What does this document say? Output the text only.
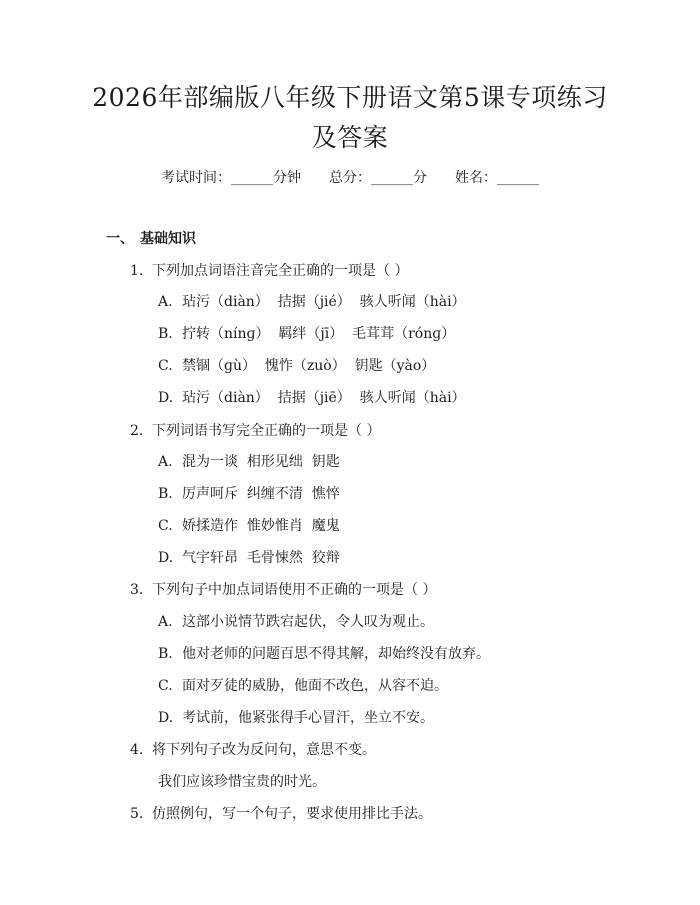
2026年部编版八年级下册语文第5课专项练习及答案
考试时间：______分钟 总分：______分 姓名：______
一、 基础知识
1. 下列加点词语注音完全正确的一项是（ ）
A. 玷污（diàn）  拮据（jié）  骇人听闻（hài）
B. 拧转（nínɡ）  羁绊（jī）  毛茸茸（rónɡ）
C. 禁锢（ɡù）  愧怍（zuò）  钥匙（yào）
D. 玷污（diàn）  拮据（jiē）  骇人听闻（hài）
2. 下列词语书写完全正确的一项是（ ）
A. 混为一谈  相形见绌  钥匙
B. 厉声呵斥  纠缠不清  憔悴
C. 娇揉造作  惟妙惟肖  魔鬼
D. 气宇轩昂  毛骨悚然  狡辩
3. 下列句子中加点词语使用不正确的一项是（ ）
A. 这部小说情节跌宕起伏，令人叹为观止。
B. 他对老师的问题百思不得其解，却始终没有放弃。
C. 面对歹徒的威胁，他面不改色，从容不迫。
D. 考试前，他紧张得手心冒汗，坐立不安。
4. 将下列句子改为反问句，意思不变。
我们应该珍惜宝贵的时光。
5. 仿照例句，写一个句子，要求使用排比手法。
